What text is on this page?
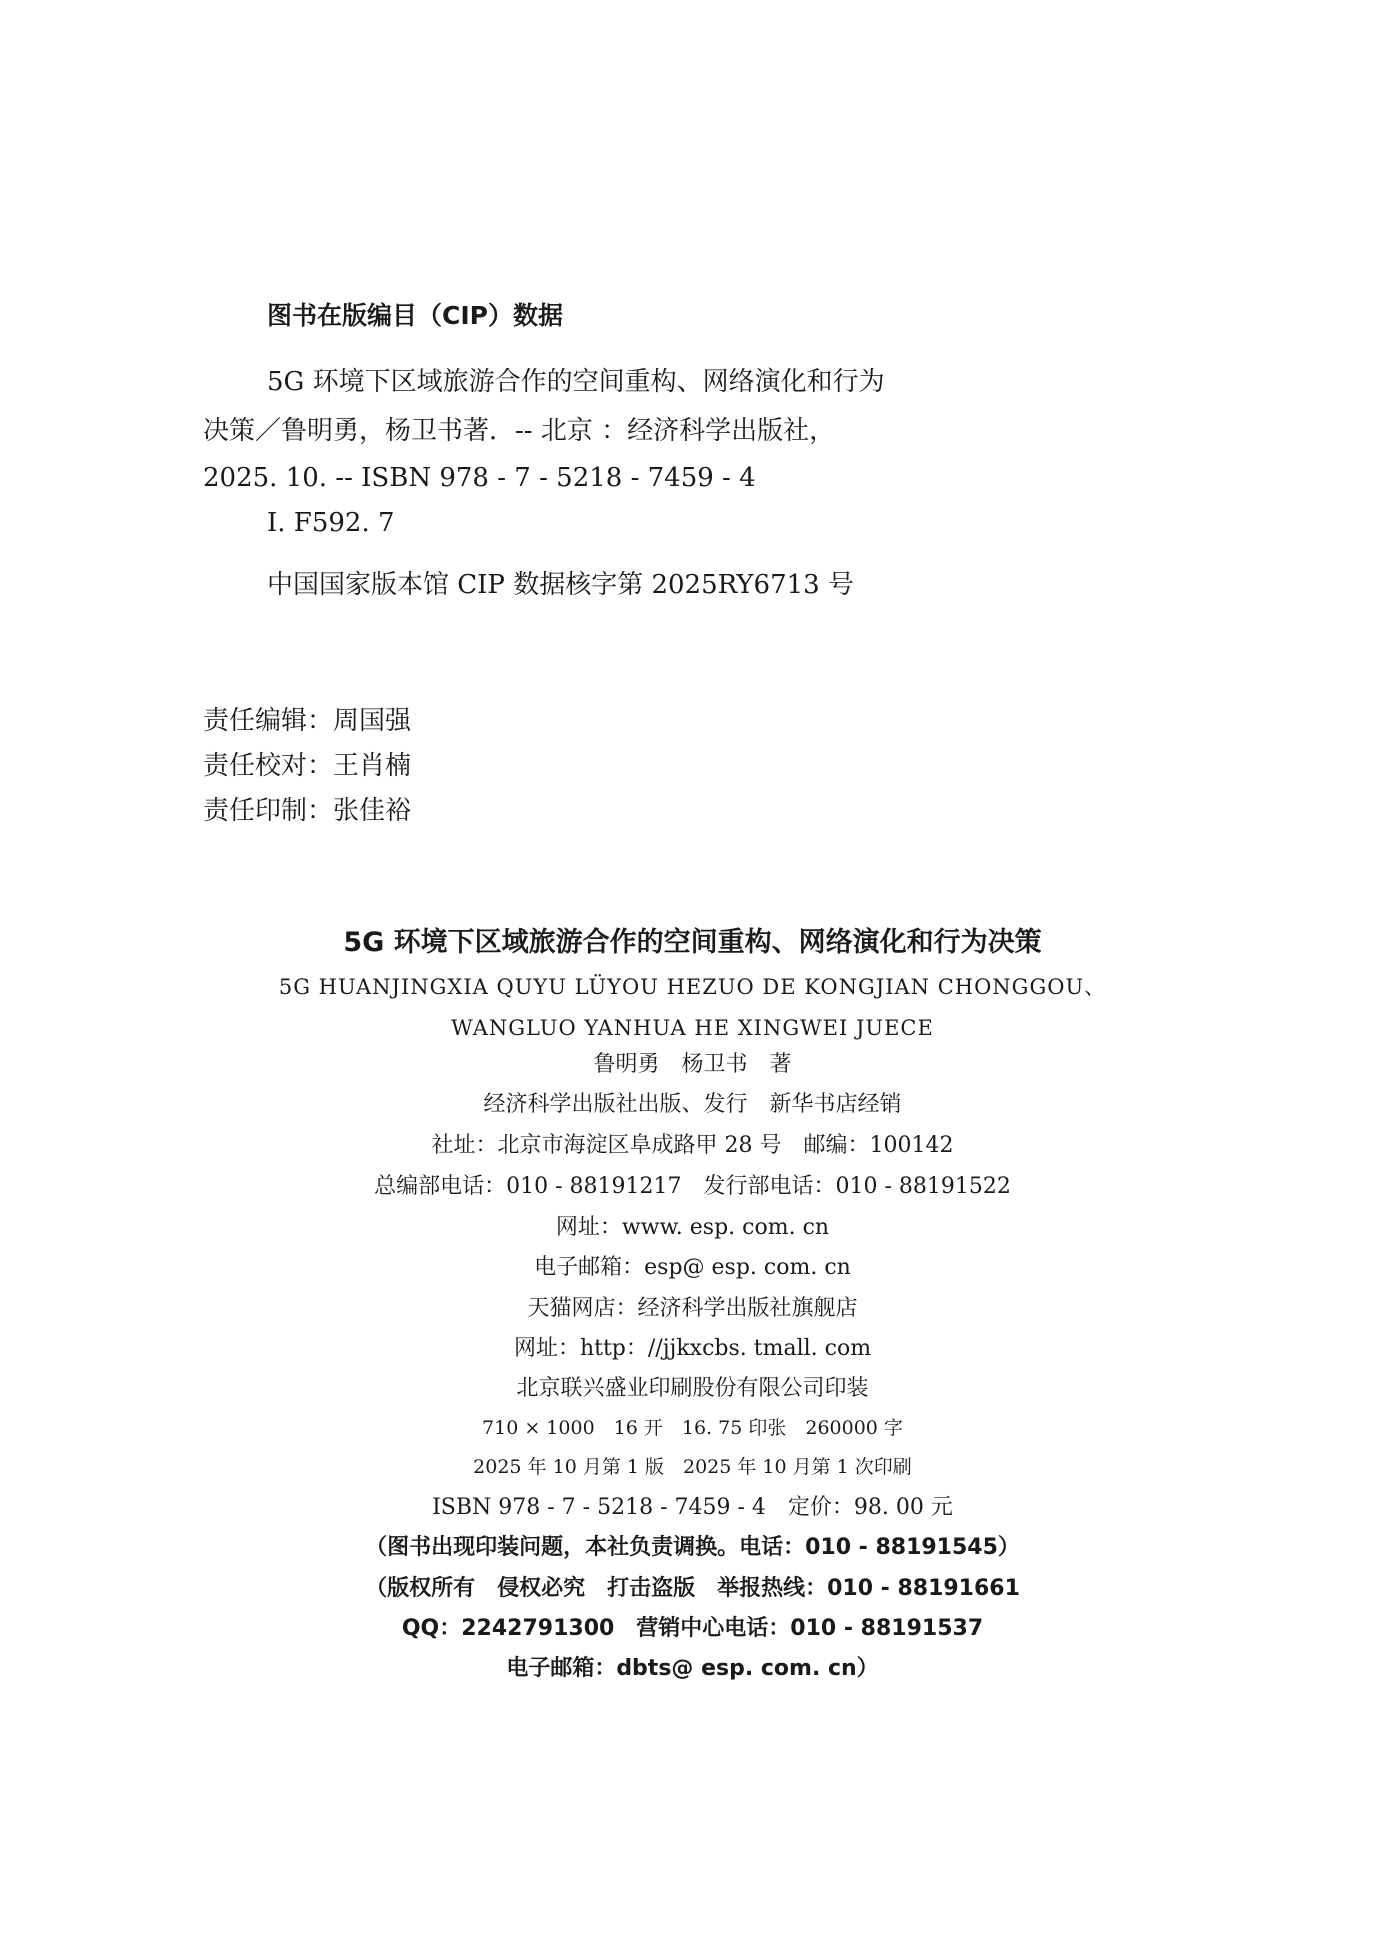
图书在版编目（CIP）数据
5G 环境下区域旅游合作的空间重构、网络演化和行为
决策／鲁明勇，杨卫书著．-- 北京 ：经济科学出版社，
2025. 10. -- ISBN 978 - 7 - 5218 - 7459 - 4
Ⅰ. F592. 7
中国国家版本馆 CIP 数据核字第 2025RY6713 号
责任编辑：周国强
责任校对：王肖楠
责任印制：张佳裕
5G 环境下区域旅游合作的空间重构、网络演化和行为决策
5G HUANJINGXIA QUYU LÜYOU HEZUO DE KONGJIAN CHONGGOU、
WANGLUO YANHUA HE XINGWEI JUECE
鲁明勇　杨卫书　著
经济科学出版社出版、发行　新华书店经销
社址：北京市海淀区阜成路甲 28 号　邮编：100142
总编部电话：010 - 88191217　发行部电话：010 - 88191522
网址：www. esp. com. cn
电子邮箱：esp@ esp. com. cn
天猫网店：经济科学出版社旗舰店
网址：http：//jjkxcbs. tmall. com
北京联兴盛业印刷股份有限公司印装
710 × 1000　16 开　16. 75 印张　260000 字
2025 年 10 月第 1 版　2025 年 10 月第 1 次印刷
ISBN 978 - 7 - 5218 - 7459 - 4　定价：98. 00 元
（图书出现印装问题，本社负责调换。电话：010 - 88191545）
（版权所有　侵权必究　打击盗版　举报热线：010 - 88191661
QQ：2242791300　营销中心电话：010 - 88191537
电子邮箱：dbts@ esp. com. cn）
